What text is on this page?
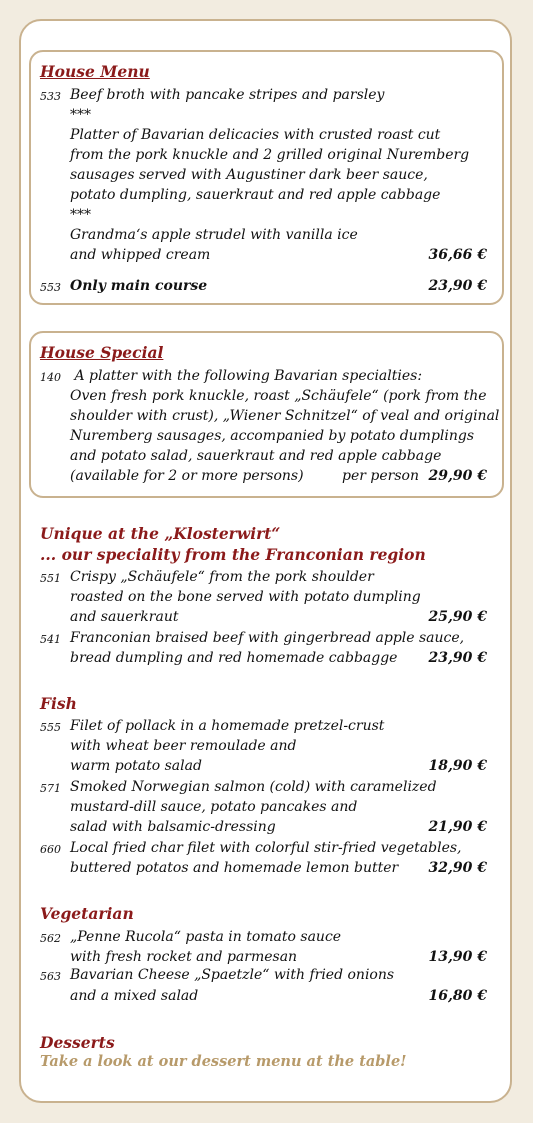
House Menu
533 Beef broth with pancake stripes and parsley
***
Platter of Bavarian delicacies with crusted roast cut
from the pork knuckle and 2 grilled original Nuremberg
sausages served with Augustiner dark beer sauce,
potato dumpling, sauerkraut and red apple cabbage
***
Grandma‘s apple strudel with vanilla ice
and whipped cream	36,66 €
553 Only main course	23,90 €
House Special
140 A platter with the following Bavarian specialties:
Oven fresh pork knuckle, roast „Schäufele“ (pork from the
shoulder with crust), „Wiener Schnitzel“ of veal and original
Nuremberg sausages, accompanied by potato dumplings
and potato salad, sauerkraut and red apple cabbage
(available for 2 or more persons)	per person 29,90 €
Unique at the „Klosterwirt“
... our speciality from the Franconian region
551 Crispy „Schäufele“ from the pork shoulder
roasted on the bone served with potato dumpling
and sauerkraut	25,90 €
541 Franconian braised beef with gingerbread apple sauce,
bread dumpling and red homemade cabbagge	23,90 €
Fish
555 Filet of pollack in a homemade pretzel-crust
with wheat beer remoulade and
warm potato salad	18,90 €
571 Smoked Norwegian salmon (cold) with caramelized
mustard-dill sauce, potato pancakes and
salad with balsamic-dressing	21,90 €
660 Local fried char filet with colorful stir-fried vegetables,
buttered potatos and homemade lemon butter	32,90 €
Vegetarian
562 „Penne Rucola“ pasta in tomato sauce
with fresh rocket and parmesan	13,90 €
563 Bavarian Cheese „Spaetzle“ with fried onions
and a mixed salad	16,80 €
Desserts
Take a look at our dessert menu at the table!
